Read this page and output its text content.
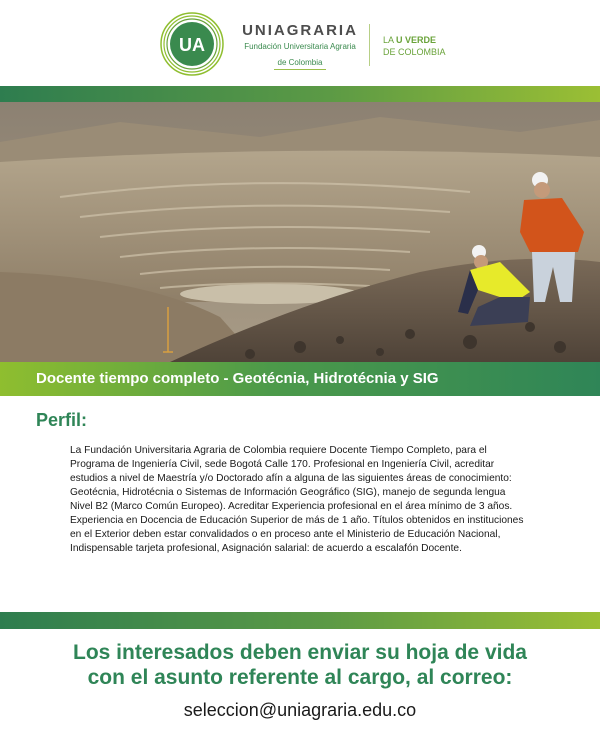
UA
UNIAGRARIA
Fundación Universitaria Agraria
de Colombia
LA U VERDE
DE COLOMBIA
Docente tiempo completo - Geotécnia, Hidrotécnia y SIG
Perfil:
La Fundación Universitaria Agraria de Colombia requiere Docente Tiempo Completo, para el
Programa de Ingeniería Civil, sede Bogotá Calle 170. Profesional en Ingeniería Civil, acreditar
estudios a nivel de Maestría y/o Doctorado afín a alguna de las siguientes áreas de conocimiento:
Geotécnia, Hidrotécnia o Sistemas de Información Geográfico (SIG), manejo de segunda lengua
Nivel B2 (Marco Común Europeo). Acreditar Experiencia profesional en el área mínimo de 3 años.
Experiencia en Docencia de Educación Superior de más de 1 año. Títulos obtenidos en instituciones
en el Exterior deben estar convalidados o en proceso ante el Ministerio de Educación Nacional,
Indispensable tarjeta profesional, Asignación salarial: de acuerdo a escalafón Docente.
Los interesados deben enviar su hoja de vida
con el asunto referente al cargo, al correo:
seleccion@uniagraria.edu.co
